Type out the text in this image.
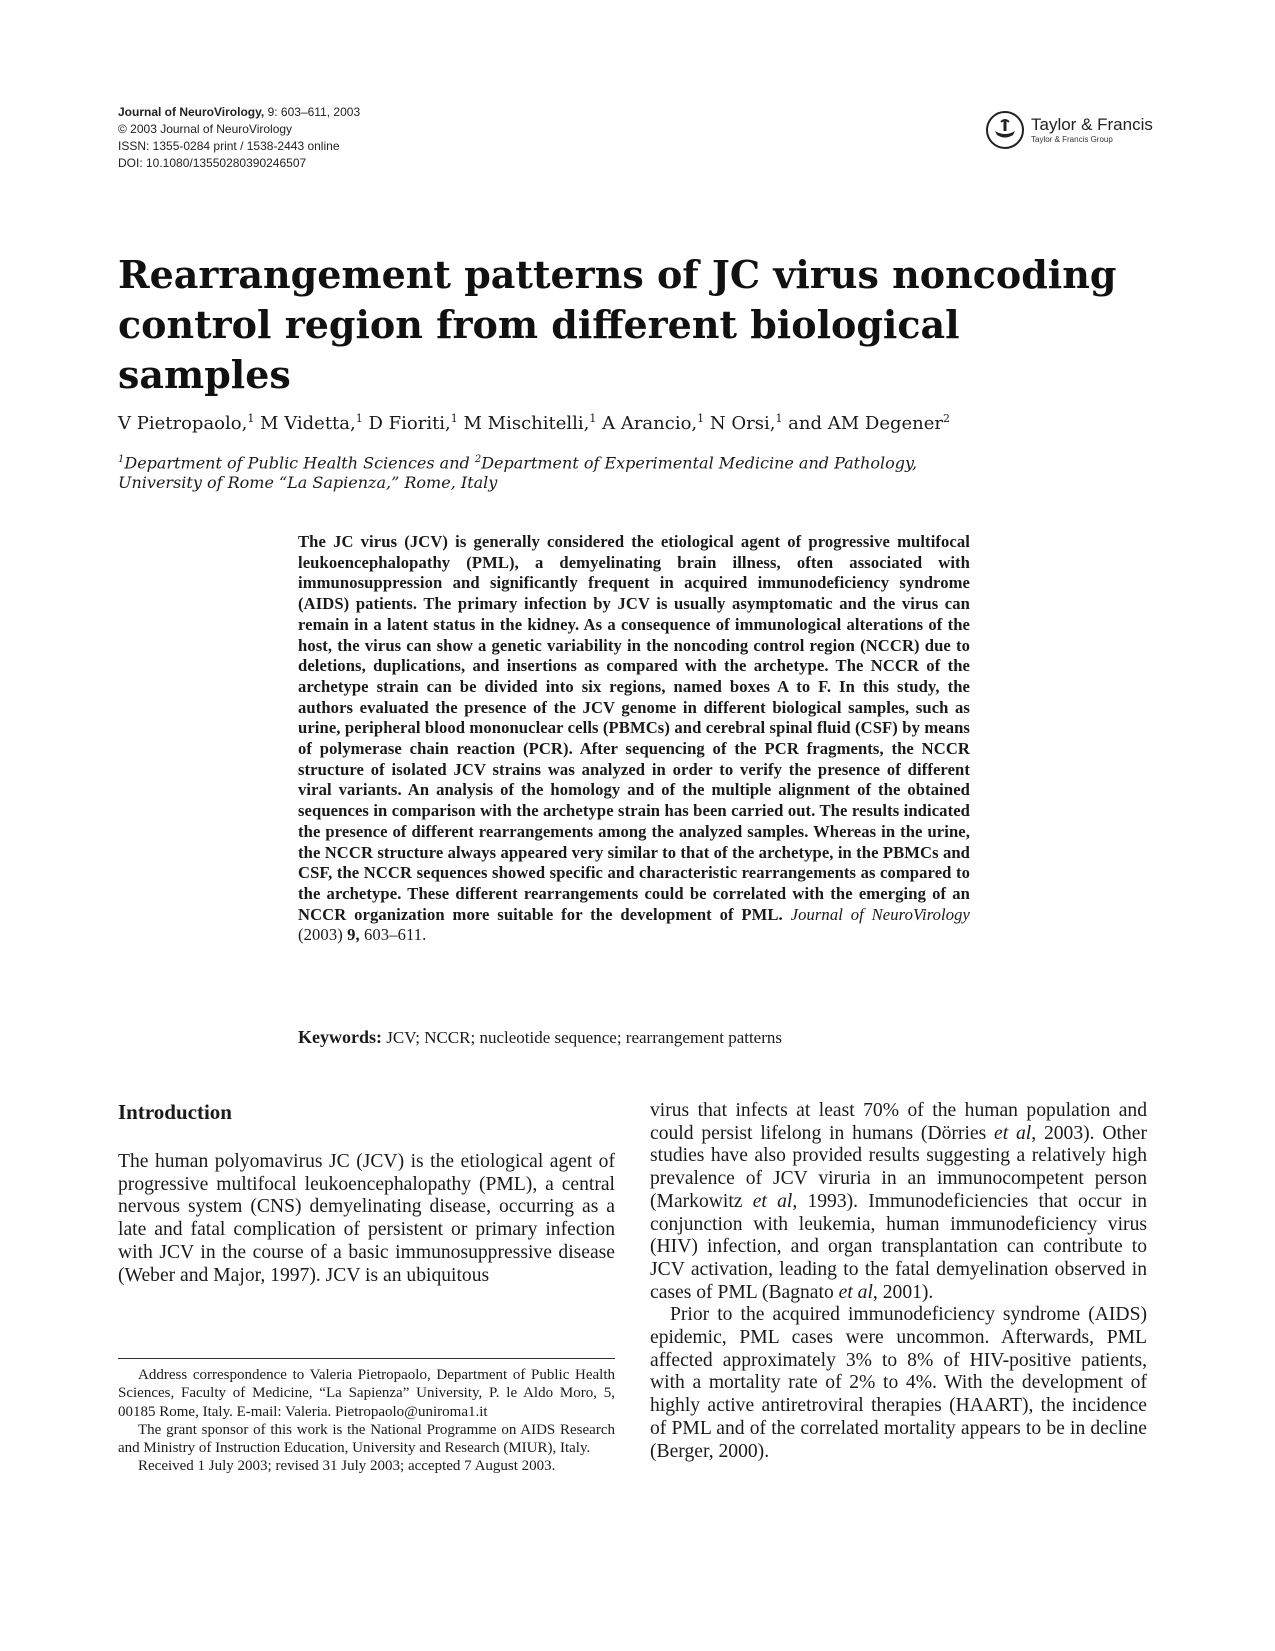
Journal of NeuroVirology, 9: 603–611, 2003
© 2003 Journal of NeuroVirology
ISSN: 1355-0284 print / 1538-2443 online
DOI: 10.1080/13550280390246507
Taylor & Francis
Taylor & Francis Group
Rearrangement patterns of JC virus noncoding control region from different biological samples

V Pietropaolo,$^1$ M Videtta,$^1$ D Fioriti,$^1$ M Mischitelli,$^1$ A Arancio,$^1$ N Orsi,$^1$ and AM Degener$^2$

$^1$Department of Public Health Sciences and $^2$Department of Experimental Medicine and Pathology,
University of Rome “La Sapienza,” Rome, Italy

The JC virus (JCV) is generally considered the etiological agent of progressive multifocal leukoencephalopathy (PML), a demyelinating brain illness, often associated with immunosuppression and significantly frequent in acquired immunodeficiency syndrome (AIDS) patients. The primary infection by JCV is usually asymptomatic and the virus can remain in a latent status in the kidney. As a consequence of immunological alterations of the host, the virus can show a genetic variability in the noncoding control region (NCCR) due to deletions, duplications, and insertions as compared with the archetype. The NCCR of the archetype strain can be divided into six regions, named boxes A to F. In this study, the authors evaluated the presence of the JCV genome in different biological samples, such as urine, peripheral blood mononuclear cells (PBMCs) and cerebral spinal fluid (CSF) by means of polymerase chain reaction (PCR). After sequencing of the PCR fragments, the NCCR structure of isolated JCV strains was analyzed in order to verify the presence of different viral variants. An analysis of the homology and of the multiple alignment of the obtained sequences in comparison with the archetype strain has been carried out. The results indicated the presence of different rearrangements among the analyzed samples. Whereas in the urine, the NCCR structure always appeared very similar to that of the archetype, in the PBMCs and CSF, the NCCR sequences showed specific and characteristic rearrangements as compared to the archetype. These different rearrangements could be correlated with the emerging of an NCCR organization more suitable for the development of PML. Journal of NeuroVirology (2003) 9, 603–611.

Keywords: JCV; NCCR; nucleotide sequence; rearrangement patterns

Introduction

The human polyomavirus JC (JCV) is the etiological agent of progressive multifocal leukoencephalopathy (PML), a central nervous system (CNS) demyelinating disease, occurring as a late and fatal complication of persistent or primary infection with JCV in the course of a basic immunosuppressive disease (Weber and Major, 1997). JCV is an ubiquitous

virus that infects at least 70% of the human population and could persist lifelong in humans (Dörries et al, 2003). Other studies have also provided results suggesting a relatively high prevalence of JCV viruria in an immunocompetent person (Markowitz et al, 1993). Immunodeficiencies that occur in conjunction with leukemia, human immunodeficiency virus (HIV) infection, and organ transplantation can contribute to JCV activation, leading to the fatal demyelination observed in cases of PML (Bagnato et al, 2001).

Prior to the acquired immunodeficiency syndrome (AIDS) epidemic, PML cases were uncommon. Afterwards, PML affected approximately 3% to 8% of HIV-positive patients, with a mortality rate of 2% to 4%. With the development of highly active antiretroviral therapies (HAART), the incidence of PML and of the correlated mortality appears to be in decline (Berger, 2000).

Address correspondence to Valeria Pietropaolo, Department of Public Health Sciences, Faculty of Medicine, “La Sapienza” University, P. le Aldo Moro, 5, 00185 Rome, Italy. E-mail: Valeria. Pietropaolo@uniroma1.it

The grant sponsor of this work is the National Programme on AIDS Research and Ministry of Instruction Education, University and Research (MIUR), Italy.

Received 1 July 2003; revised 31 July 2003; accepted 7 August 2003.
